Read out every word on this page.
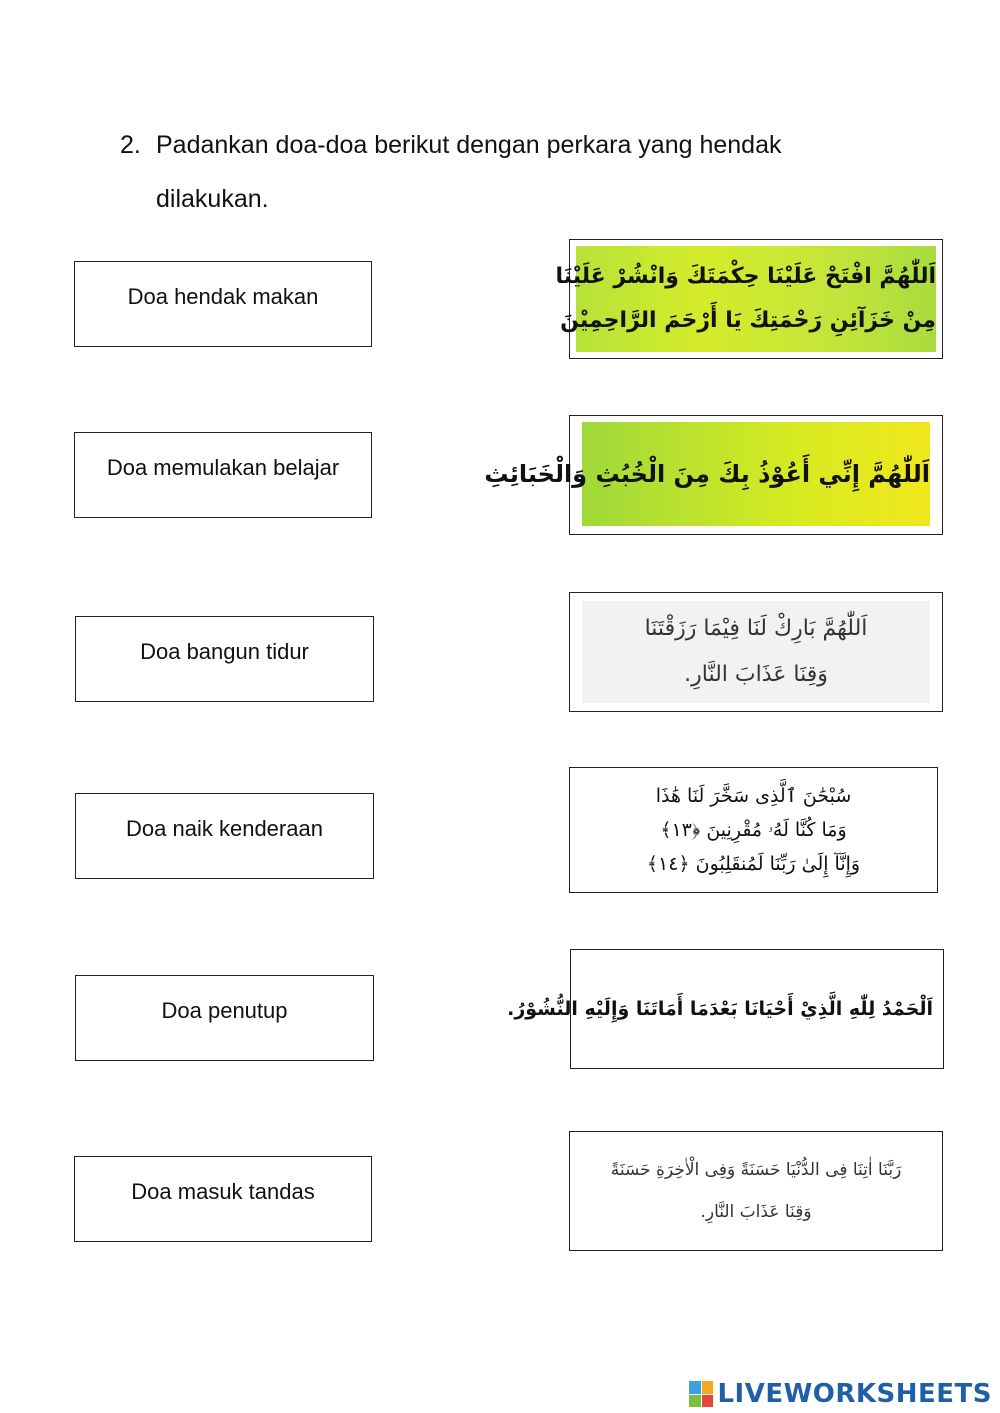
2. Padankan doa-doa berikut dengan perkara yang hendak
dilakukan.
Doa hendak makan
Doa memulakan belajar
Doa bangun tidur
Doa naik kenderaan
Doa penutup
Doa masuk tandas
اَللّٰهُمَّ افْتَحْ عَلَيْنَا حِكْمَتَكَ وَانْشُرْ عَلَيْنَا
مِنْ خَزَآئِنِ رَحْمَتِكَ يَا أَرْحَمَ الرَّاحِمِيْنَ
اَللّٰهُمَّ إِنِّي أَعُوْذُ بِكَ مِنَ الْخُبُثِ وَالْخَبَائِثِ
اَللّٰهُمَّ بَارِكْ لَنَا فِيْمَا رَزَقْتَنَا
وَقِنَا عَذَابَ النَّارِ.
سُبْحَٰنَ ٱلَّذِى سَخَّرَ لَنَا هَٰذَا
وَمَا كُنَّا لَهُۥ مُقْرِنِينَ ﴿١٣﴾
وَإِنَّآ إِلَىٰ رَبِّنَا لَمُنقَلِبُونَ ﴿١٤﴾
اَلْحَمْدُ لِلّٰهِ الَّذِيْ أَحْيَانَا بَعْدَمَا أَمَاتَنَا وَإِلَيْهِ النُّشُوْرُ.
رَبَّنَا اٰتِنَا فِى الدُّنْيَا حَسَنَةً وَفِى الْاٰخِرَةِ حَسَنَةً
وَقِنَا عَذَابَ النَّارِ.
LIVEWORKSHEETS
